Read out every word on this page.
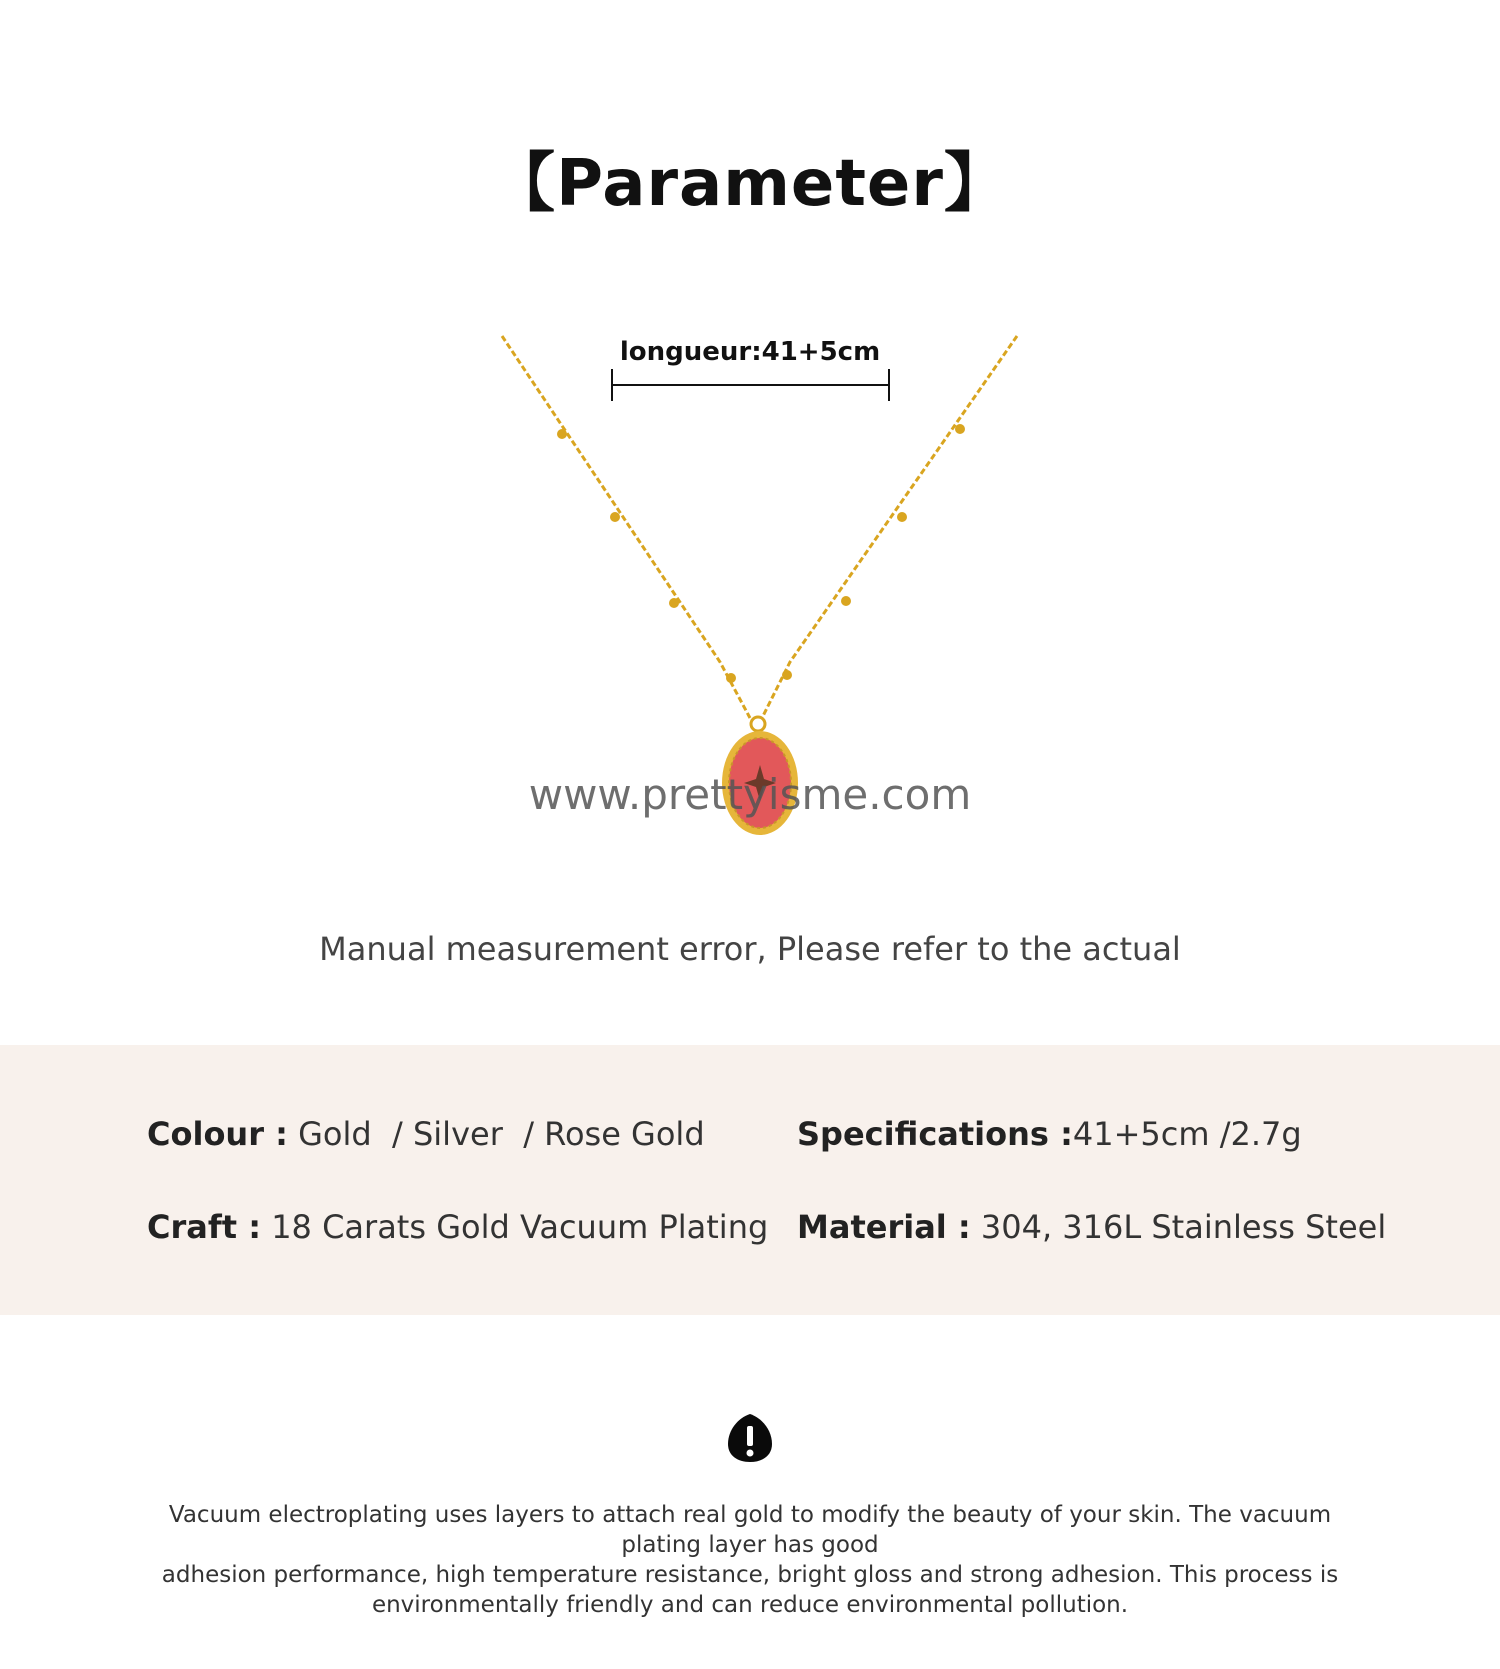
【Parameter】
longueur:41+5cm
www.prettyisme.com
Manual measurement error, Please refer to the actual
Colour : Gold  / Silver  / Rose Gold	Specifications :41+5cm /2.7g
Craft : 18 Carats Gold Vacuum Plating Material : 304, 316L Stainless Steel
Vacuum electroplating uses layers to attach real gold to modify the beauty of your skin. The vacuum plating layer has good
adhesion performance, high temperature resistance, bright gloss and strong adhesion. This process is
environmentally friendly and can reduce environmental pollution.
